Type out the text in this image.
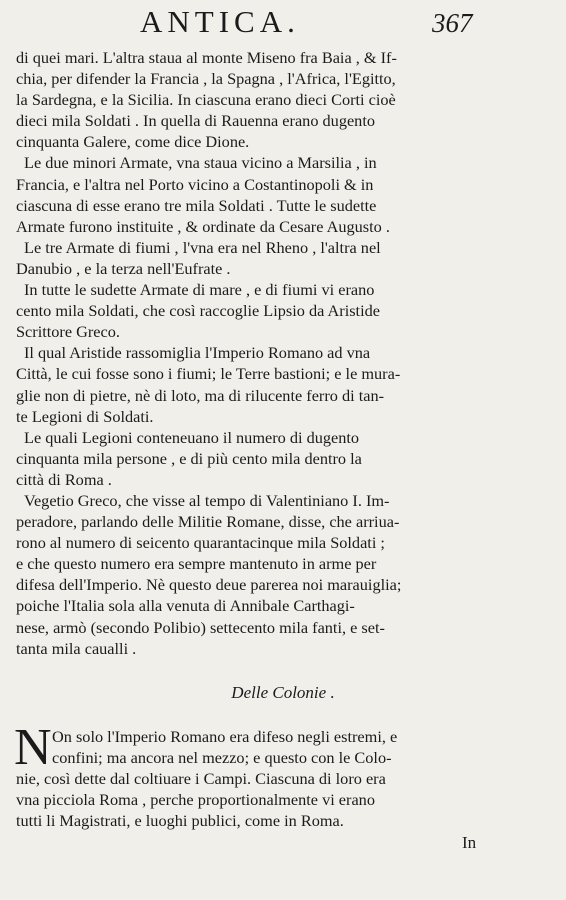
ANTICA.	367
di quei mari. L'altra staua al monte Miseno fra Baia , & If-
chia, per difender la Francia , la Spagna , l'Africa, l'Egitto,
la Sardegna, e la Sicilia. In ciascuna erano dieci Corti cioè
dieci mila Soldati . In quella di Rauenna erano dugento
cinquanta Galere, come dice Dione.
Le due minori Armate, vna staua vicino a Marsilia , in
Francia, e l'altra nel Porto vicino a Costantinopoli & in
ciascuna di esse erano tre mila Soldati . Tutte le sudette
Armate furono instituite , & ordinate da Cesare Augusto .
Le tre Armate di fiumi , l'vna era nel Rheno , l'altra nel
Danubio , e la terza nell'Eufrate .
In tutte le sudette Armate di mare , e di fiumi vi erano
cento mila Soldati, che così raccoglie Lipsio da Aristide
Scrittore Greco.
Il qual Aristide rassomiglia l'Imperio Romano ad vna
Città, le cui fosse sono i fiumi; le Terre bastioni; e le mura-
glie non di pietre, nè di loto, ma di rilucente ferro di tan-
te Legioni di Soldati.
Le quali Legioni conteneuano il numero di dugento
cinquanta mila persone , e di più cento mila dentro la
città di Roma .
Vegetio Greco, che visse al tempo di Valentiniano I. Im-
peradore, parlando delle Militie Romane, disse, che arriua-
rono al numero di seicento quarantacinque mila Soldati ;
e che questo numero era sempre mantenuto in arme per
difesa dell'Imperio. Nè questo deue parerea noi marauiglia;
poiche l'Italia sola alla venuta di Annibale Carthagi-
nese, armò (secondo Polibio) settecento mila fanti, e set-
tanta mila caualli .
Delle Colonie .
N On solo l'Imperio Romano era difeso negli estremi, e
confini; ma ancora nel mezzo; e questo con le Colo-
nie, così dette dal coltiuare i Campi. Ciascuna di loro era
vna picciola Roma , perche proportionalmente vi erano
tutti li Magistrati, e luoghi publici, come in Roma.
In
